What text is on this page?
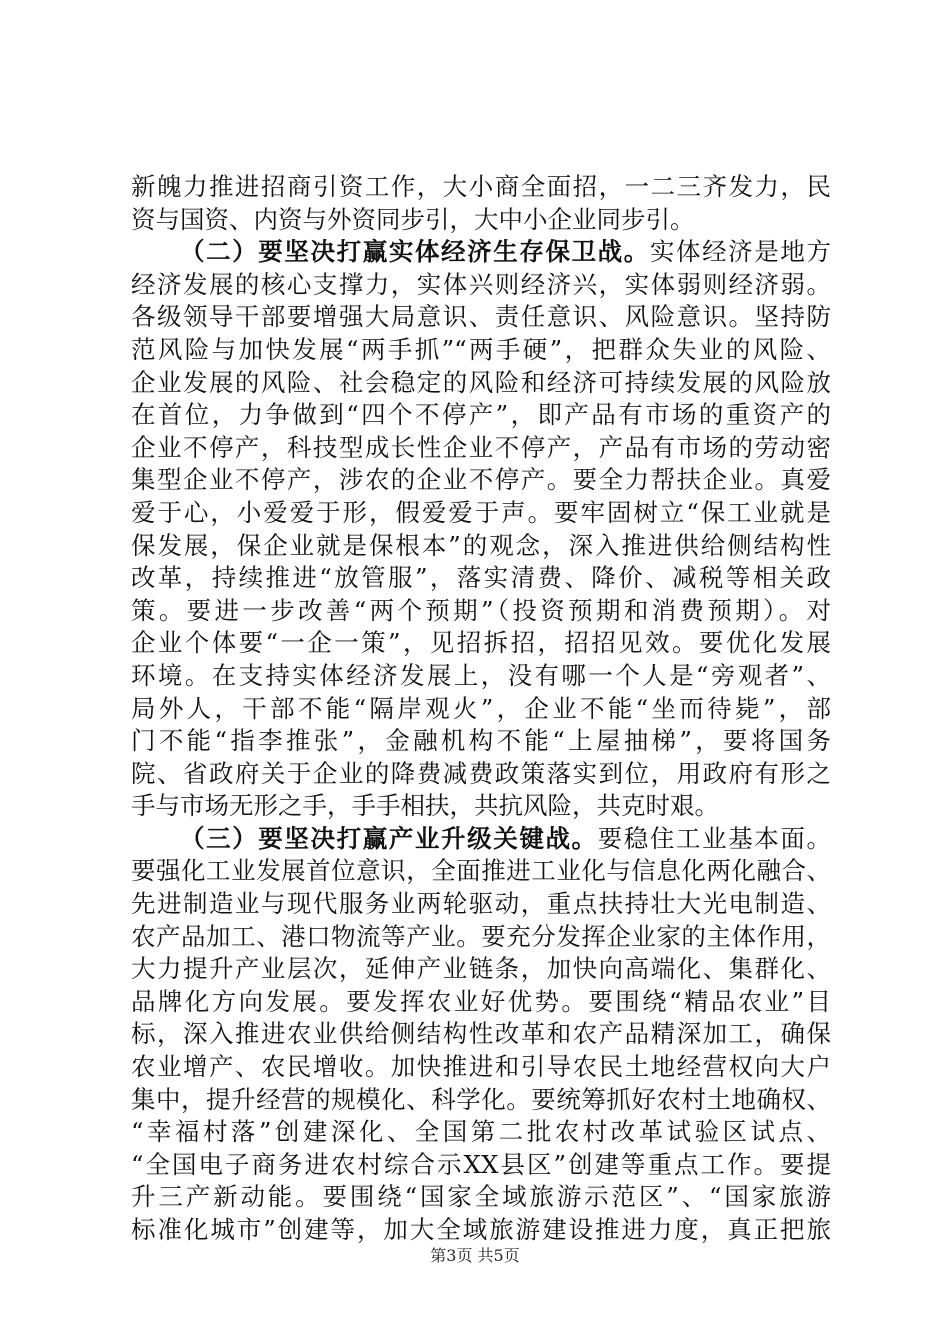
新魄力推进招商引资工作，大小商全面招，一二三齐发力，民
资与国资、内资与外资同步引，大中小企业同步引。
（二）要坚决打赢实体经济生存保卫战。实体经济是地方
经济发展的核心支撑力，实体兴则经济兴，实体弱则经济弱。
各级领导干部要增强大局意识、责任意识、风险意识。坚持防
范风险与加快发展“两手抓”“两手硬”，把群众失业的风险、
企业发展的风险、社会稳定的风险和经济可持续发展的风险放
在首位，力争做到“四个不停产”，即产品有市场的重资产的
企业不停产，科技型成长性企业不停产，产品有市场的劳动密
集型企业不停产，涉农的企业不停产。要全力帮扶企业。真爱
爱于心，小爱爱于形，假爱爱于声。要牢固树立“保工业就是
保发展，保企业就是保根本”的观念，深入推进供给侧结构性
改革，持续推进“放管服”，落实清费、降价、减税等相关政
策。要进一步改善“两个预期”（投资预期和消费预期）。对
企业个体要“一企一策”，见招拆招，招招见效。要优化发展
环境。在支持实体经济发展上，没有哪一个人是“旁观者”、
局外人，干部不能“隔岸观火”，企业不能“坐而待毙”，部
门不能“指李推张”，金融机构不能“上屋抽梯”，要将国务
院、省政府关于企业的降费减费政策落实到位，用政府有形之
手与市场无形之手，手手相扶，共抗风险，共克时艰。
（三）要坚决打赢产业升级关键战。要稳住工业基本面。
要强化工业发展首位意识，全面推进工业化与信息化两化融合、
先进制造业与现代服务业两轮驱动，重点扶持壮大光电制造、
农产品加工、港口物流等产业。要充分发挥企业家的主体作用，
大力提升产业层次，延伸产业链条，加快向高端化、集群化、
品牌化方向发展。要发挥农业好优势。要围绕“精品农业”目
标，深入推进农业供给侧结构性改革和农产品精深加工，确保
农业增产、农民增收。加快推进和引导农民土地经营权向大户
集中，提升经营的规模化、科学化。要统筹抓好农村土地确权、
“幸福村落”创建深化、全国第二批农村改革试验区试点、
“全国电子商务进农村综合示XX县区”创建等重点工作。要提
升三产新动能。要围绕“国家全域旅游示范区”、“国家旅游
标准化城市”创建等，加大全域旅游建设推进力度，真正把旅
第3页 共5页
